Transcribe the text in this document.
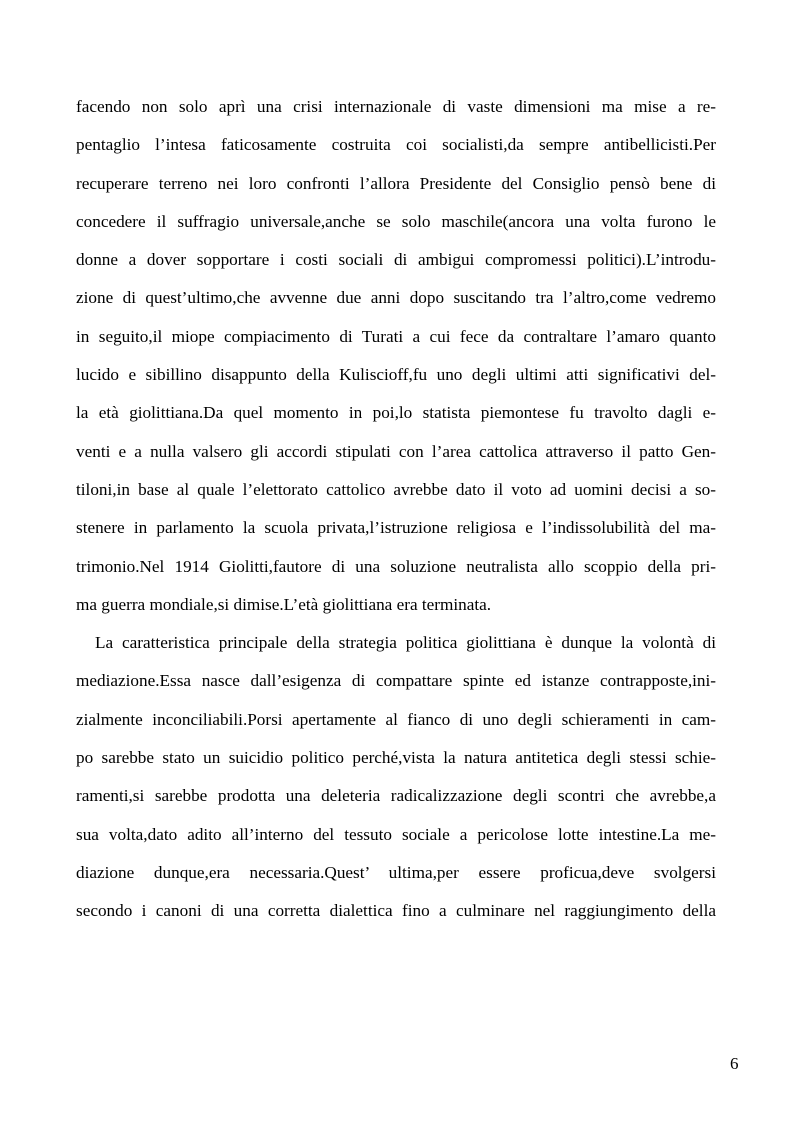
facendo non solo aprì una crisi internazionale di vaste dimensioni ma mise a re-
pentaglio l’intesa faticosamente costruita coi socialisti,da sempre antibellicisti.Per
recuperare terreno nei loro confronti l’allora Presidente del Consiglio pensò bene di
concedere il suffragio universale,anche se solo maschile(ancora una volta furono le
donne a dover sopportare i costi sociali di ambigui compromessi politici).L’introdu-
zione di quest’ultimo,che avvenne due anni dopo suscitando tra l’altro,come vedremo
in seguito,il miope compiacimento di Turati a cui fece da contraltare l’amaro quanto
lucido e sibillino disappunto della Kuliscioff,fu uno degli ultimi atti significativi del-
la età giolittiana.Da quel momento in poi,lo statista piemontese fu travolto dagli e-
venti e a nulla valsero gli accordi stipulati con l’area cattolica attraverso il patto Gen-
tiloni,in base al quale l’elettorato cattolico avrebbe dato il voto ad uomini decisi a so-
stenere in parlamento la scuola privata,l’istruzione religiosa e l’indissolubilità del ma-
trimonio.Nel 1914 Giolitti,fautore di una soluzione neutralista allo scoppio della pri-
ma guerra mondiale,si dimise.L’età giolittiana era terminata.
La caratteristica principale della strategia politica giolittiana è dunque la volontà di
mediazione.Essa nasce dall’esigenza di compattare spinte ed istanze contrapposte,ini-
zialmente inconciliabili.Porsi apertamente al fianco di uno degli schieramenti in cam-
po sarebbe stato un suicidio politico perché,vista la natura antitetica degli stessi schie-
ramenti,si sarebbe prodotta una deleteria radicalizzazione degli scontri che avrebbe,a
sua volta,dato adito all’interno del tessuto sociale a pericolose lotte intestine.La me-
diazione dunque,era necessaria.Quest’ ultima,per essere proficua,deve svolgersi
secondo i canoni di una corretta dialettica fino a culminare nel raggiungimento della
6
